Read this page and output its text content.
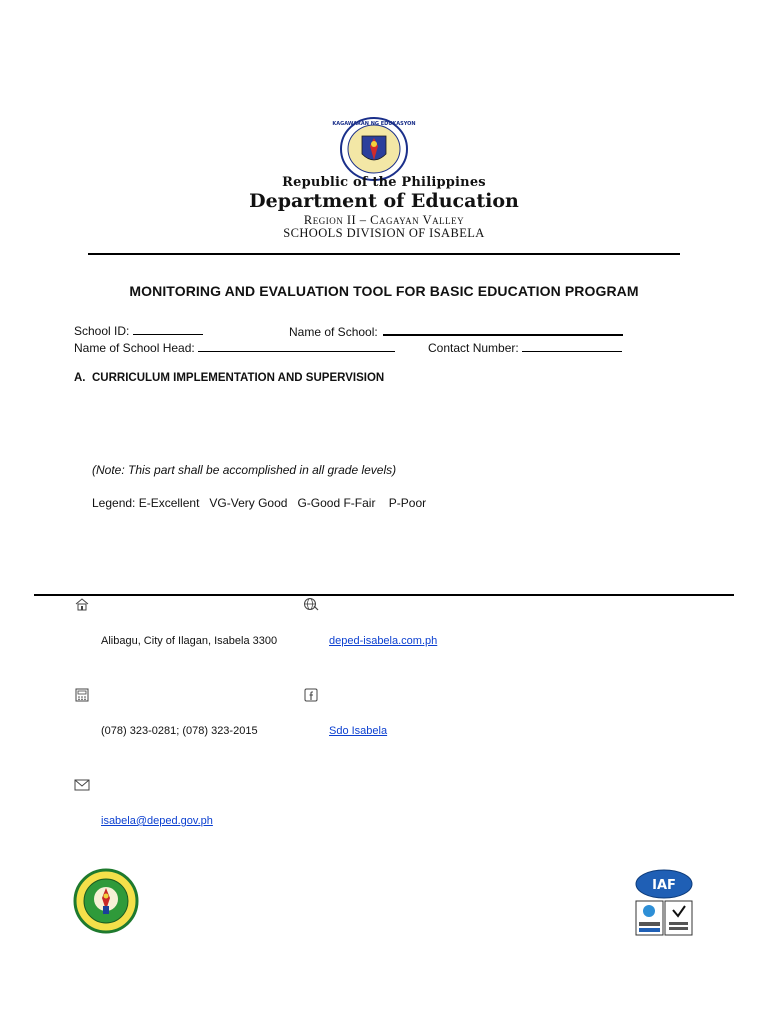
KAGAWARAN NG EDUKASYON
Republic of the Philippines
Department of Education
Region II – Cagayan Valley
SCHOOLS DIVISION OF ISABELA
MONITORING AND EVALUATION TOOL FOR BASIC EDUCATION PROGRAM
School ID:	Name of School:
Name of School Head:	Contact Number:
A. CURRICULUM IMPLEMENTATION AND SUPERVISION
(Note: This part shall be accomplished in all grade levels)
Legend: E-Excellent   VG-Very Good   G-Good F-Fair    P-Poor
Alibagu, City of Ilagan, Isabela 3300	deped-isabela.com.ph
(078) 323-0281; (078) 323-2015	Sdo Isabela
isabela@deped.gov.ph
IAF
